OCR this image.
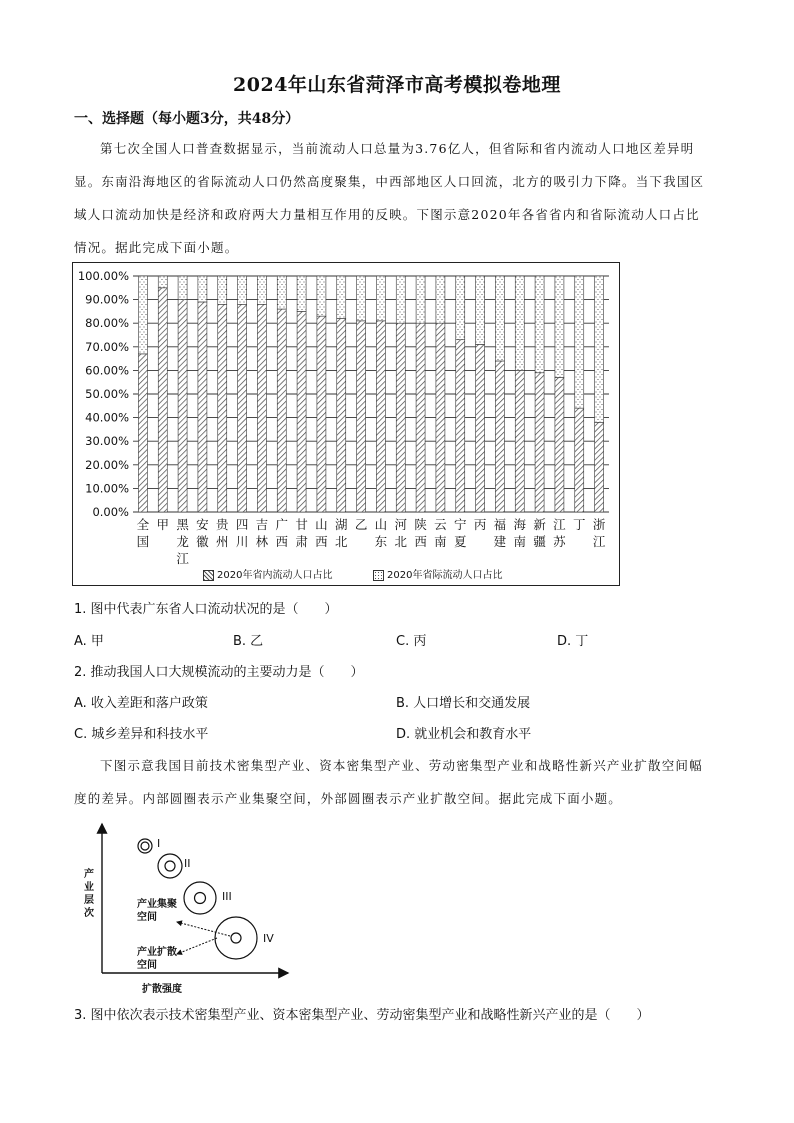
2024年山东省菏泽市高考模拟卷地理
一、选择题（每小题3分，共48分）
第七次全国人口普查数据显示，当前流动人口总量为3.76亿人，但省际和省内流动人口地区差异明
显。东南沿海地区的省际流动人口仍然高度聚集，中西部地区人口回流，北方的吸引力下降。当下我国区
域人口流动加快是经济和政府两大力量相互作用的反映。下图示意2020年各省省内和省际流动人口占比
情况。据此完成下面小题。
0.00%
10.00%
20.00%
30.00%
40.00%
50.00%
60.00%
70.00%
80.00%
90.00%
100.00%
全
国
甲 黑
龙
江
安
徽
贵
州
四
川
吉
林
广
西
甘
肃
山
西
湖
北
乙 山
东
河
北
陕
西
云
南
宁
夏
丙 福
建
海
南
新
疆
江
苏
丁 浙
江
2020年省内流动人口占比	2020年省际流动人口占比
1. 图中代表广东省人口流动状况的是（　　）
A. 甲	B. 乙	C. 丙	D. 丁
2. 推动我国人口大规模流动的主要动力是（　　）
A. 收入差距和落户政策	B. 人口增长和交通发展
C. 城乡差异和科技水平	D. 就业机会和教育水平
下图示意我国目前技术密集型产业、资本密集型产业、劳动密集型产业和战略性新兴产业扩散空间幅
度的差异。内部圆圈表示产业集聚空间，外部圆圈表示产业扩散空间。据此完成下面小题。
I
II
III
IV
产业层次
扩散强度
产业集聚空间
产业扩散空间
3. 图中依次表示技术密集型产业、资本密集型产业、劳动密集型产业和战略性新兴产业的是（　　）
